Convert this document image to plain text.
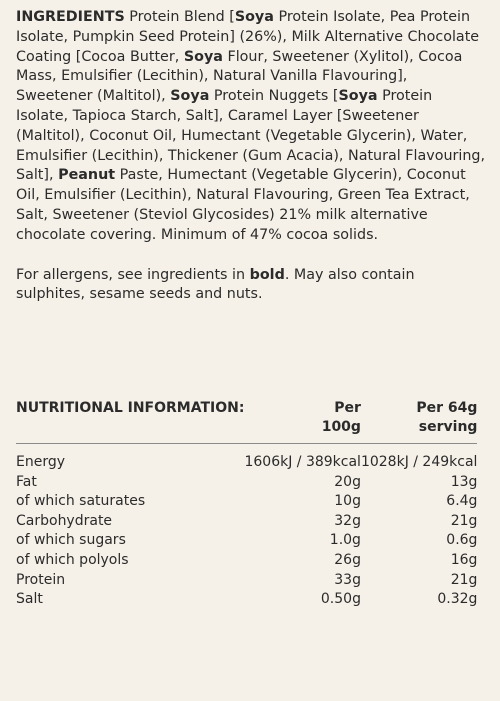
INGREDIENTS Protein Blend [Soya Protein Isolate, Pea Protein Isolate, Pumpkin Seed Protein] (26%), Milk Alternative Chocolate Coating [Cocoa Butter, Soya Flour, Sweetener (Xylitol), Cocoa Mass, Emulsifier (Lecithin), Natural Vanilla Flavouring], Sweetener (Maltitol), Soya Protein Nuggets [Soya Protein Isolate, Tapioca Starch, Salt], Caramel Layer [Sweetener (Maltitol), Coconut Oil, Humectant (Vegetable Glycerin), Water, Emulsifier (Lecithin), Thickener (Gum Acacia), Natural Flavouring, Salt], Peanut Paste, Humectant (Vegetable Glycerin), Coconut Oil, Emulsifier (Lecithin), Natural Flavouring, Green Tea Extract, Salt, Sweetener (Steviol Glycosides) 21% milk alternative chocolate covering. Minimum of 47% cocoa solids.

For allergens, see ingredients in bold. May also contain sulphites, sesame seeds and nuts.

NUTRITIONAL INFORMATION:	Per 100g	Per 64g serving
Energy	1606kJ / 389kcal	1028kJ / 249kcal
Fat	20g	13g
of which saturates	10g	6.4g
Carbohydrate	32g	21g
of which sugars	1.0g	0.6g
of which polyols	26g	16g
Protein	33g	21g
Salt	0.50g	0.32g
